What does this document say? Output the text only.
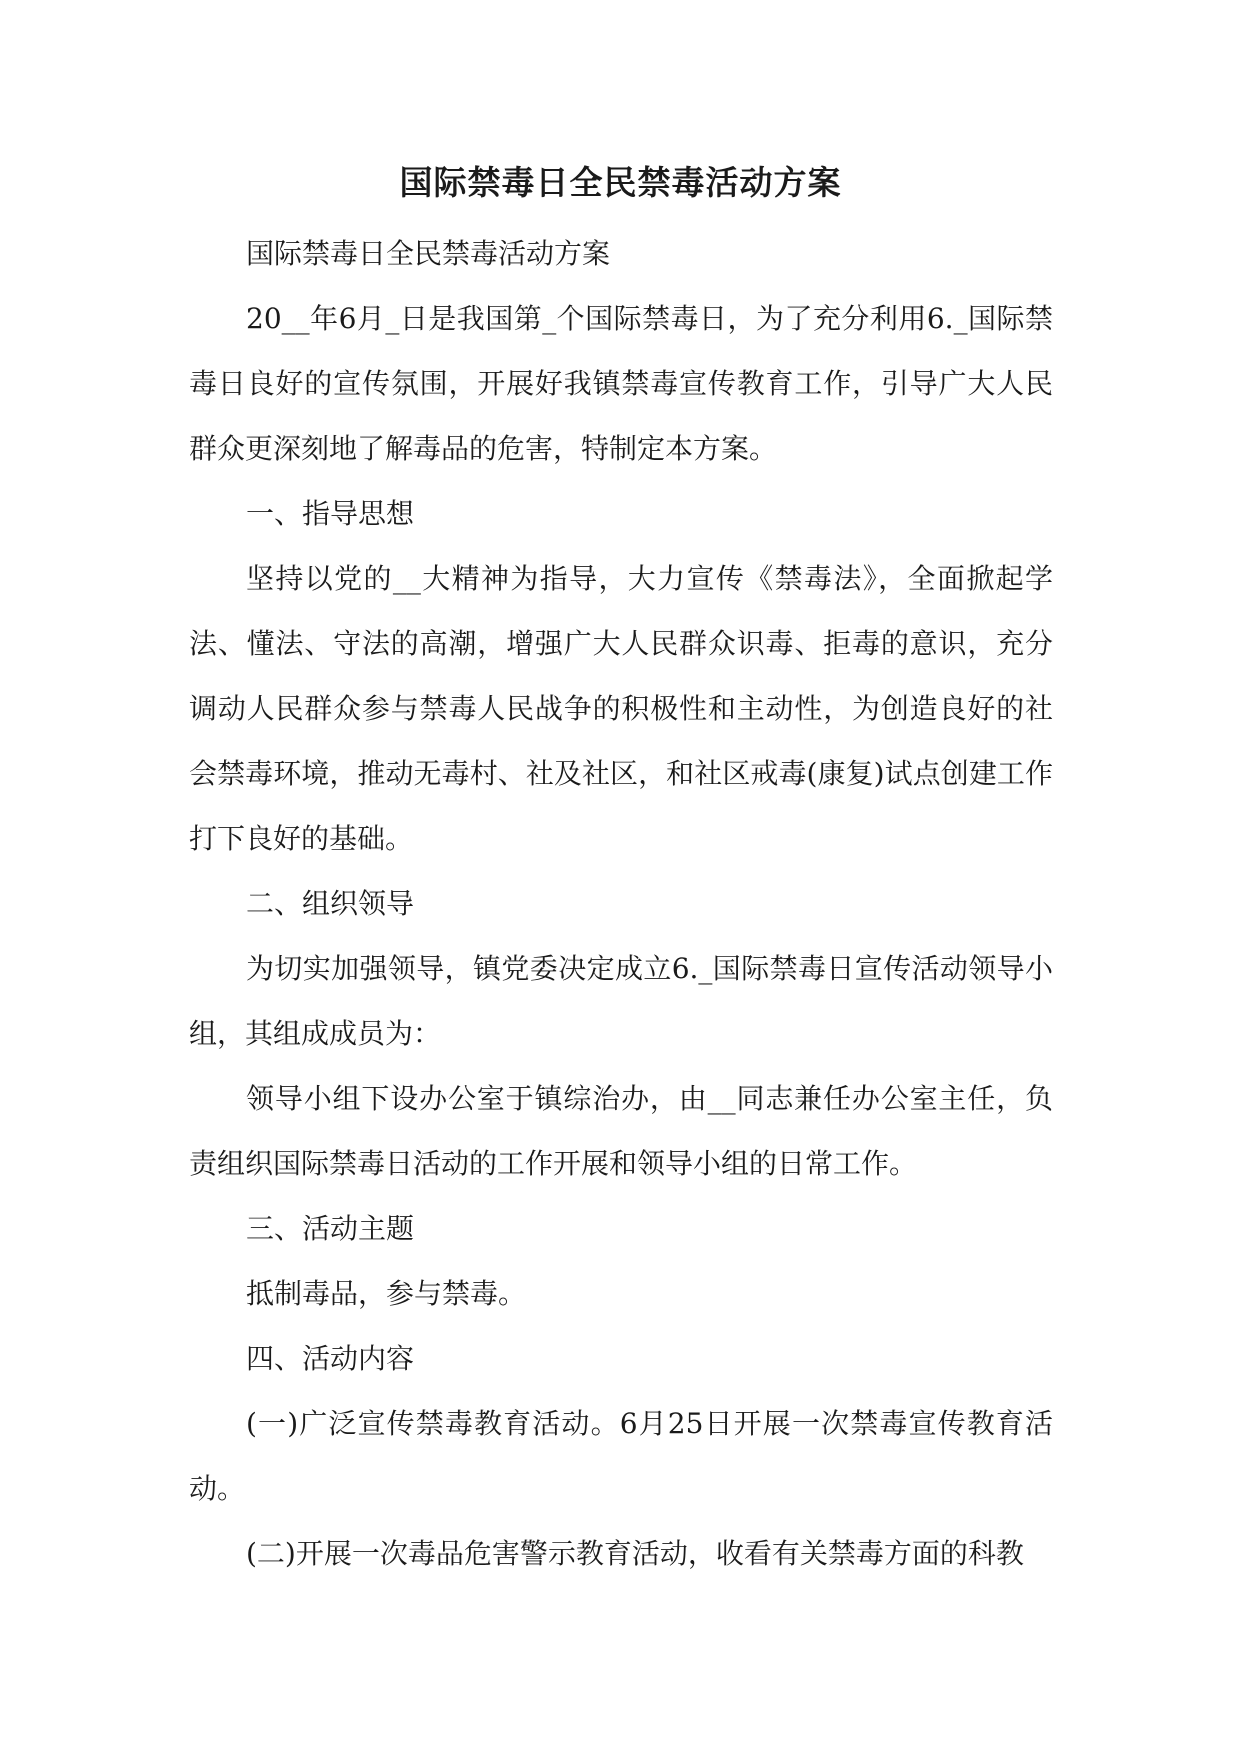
国际禁毒日全民禁毒活动方案

国际禁毒日全民禁毒活动方案

20__年6月_日是我国第_个国际禁毒日，为了充分利用6._国际禁毒日良好的宣传氛围，开展好我镇禁毒宣传教育工作，引导广大人民群众更深刻地了解毒品的危害，特制定本方案。

一、指导思想

坚持以党的__大精神为指导，大力宣传《禁毒法》，全面掀起学法、懂法、守法的高潮，增强广大人民群众识毒、拒毒的意识，充分调动人民群众参与禁毒人民战争的积极性和主动性，为创造良好的社会禁毒环境，推动无毒村、社及社区，和社区戒毒(康复)试点创建工作打下良好的基础。

二、组织领导

为切实加强领导，镇党委决定成立6._国际禁毒日宣传活动领导小组，其组成成员为：

领导小组下设办公室于镇综治办，由__同志兼任办公室主任，负责组织国际禁毒日活动的工作开展和领导小组的日常工作。

三、活动主题

抵制毒品，参与禁毒。

四、活动内容

(一)广泛宣传禁毒教育活动。6月25日开展一次禁毒宣传教育活动。

(二)开展一次毒品危害警示教育活动，收看有关禁毒方面的科教
